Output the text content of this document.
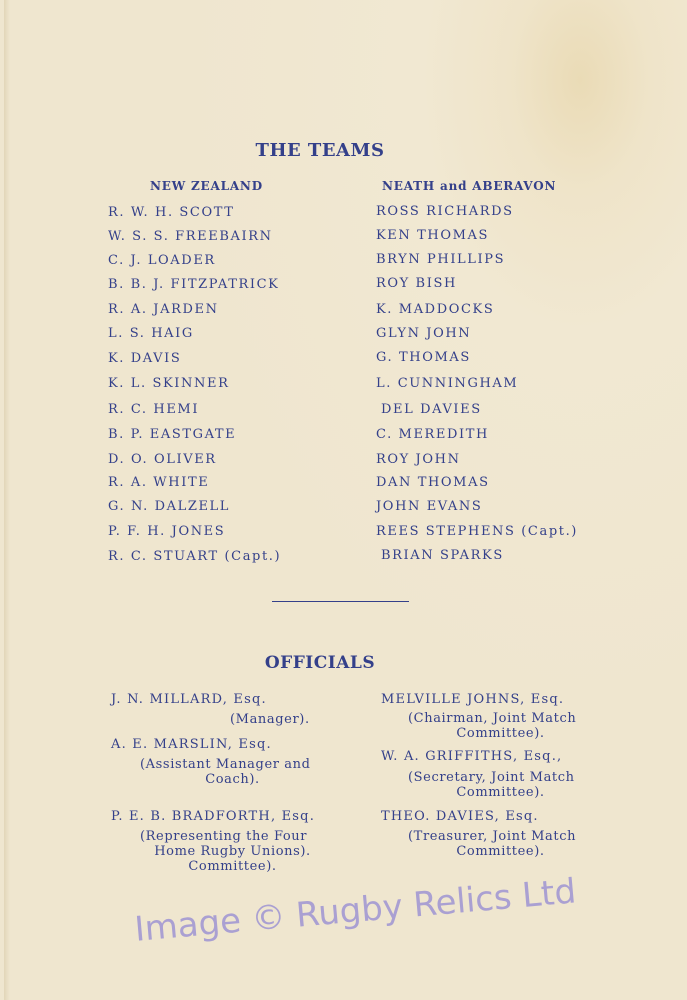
THE TEAMS
NEW ZEALAND	NEATH and ABERAVON
R. W. H. SCOTT
W. S. S. FREEBAIRN
C. J. LOADER
B. B. J. FITZPATRICK
R. A. JARDEN
L. S. HAIG
K. DAVIS
K. L. SKINNER
R. C. HEMI
B. P. EASTGATE
D. O. OLIVER
R. A. WHITE
G. N. DALZELL
P. F. H. JONES
R. C. STUART (Capt.)
ROSS RICHARDS
KEN THOMAS
BRYN PHILLIPS
ROY BISH
K. MADDOCKS
GLYN JOHN
G. THOMAS
L. CUNNINGHAM
DEL DAVIES
C. MEREDITH
ROY JOHN
DAN THOMAS
JOHN EVANS
REES STEPHENS (Capt.)
BRIAN SPARKS
OFFICIALS
J. N. MILLARD, Esq.
(Manager).
A. E. MARSLIN, Esq.
(Assistant Manager and
Coach).
P. E. B. BRADFORTH, Esq.
(Representing the Four
Home Rugby Unions).
Committee).
MELVILLE JOHNS, Esq.
(Chairman, Joint Match
Committee).
W. A. GRIFFITHS, Esq.,
(Secretary, Joint Match
Committee).
THEO. DAVIES, Esq.
(Treasurer, Joint Match
Committee).
Image © Rugby Relics Ltd
